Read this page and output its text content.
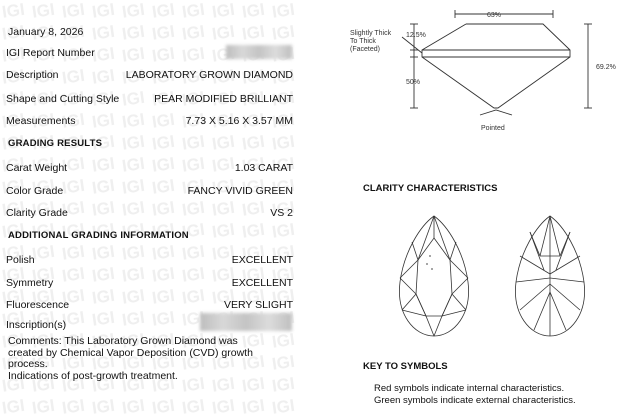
January 8, 2026
IGI Report Number
Description	LABORATORY GROWN DIAMOND
Shape and Cutting Style	PEAR MODIFIED BRILLIANT
Measurements	7.73 X 5.16 X 3.57 MM
GRADING RESULTS
Carat Weight	1.03 CARAT
Color Grade	FANCY VIVID GREEN
Clarity Grade	VS 2
ADDITIONAL GRADING INFORMATION
Polish	EXCELLENT
Symmetry	EXCELLENT
Fluorescence	VERY SLIGHT
Inscription(s)
Comments: This Laboratory Grown Diamond was
created by Chemical Vapor Deposition (CVD) growth
process.
Indications of post-growth treatment.
63%
Slightly Thick
To Thick
(Faceted)
12.5%
50%
69.2%
Pointed
CLARITY CHARACTERISTICS
KEY TO SYMBOLS
Red symbols indicate internal characteristics.
Green symbols indicate external characteristics.
